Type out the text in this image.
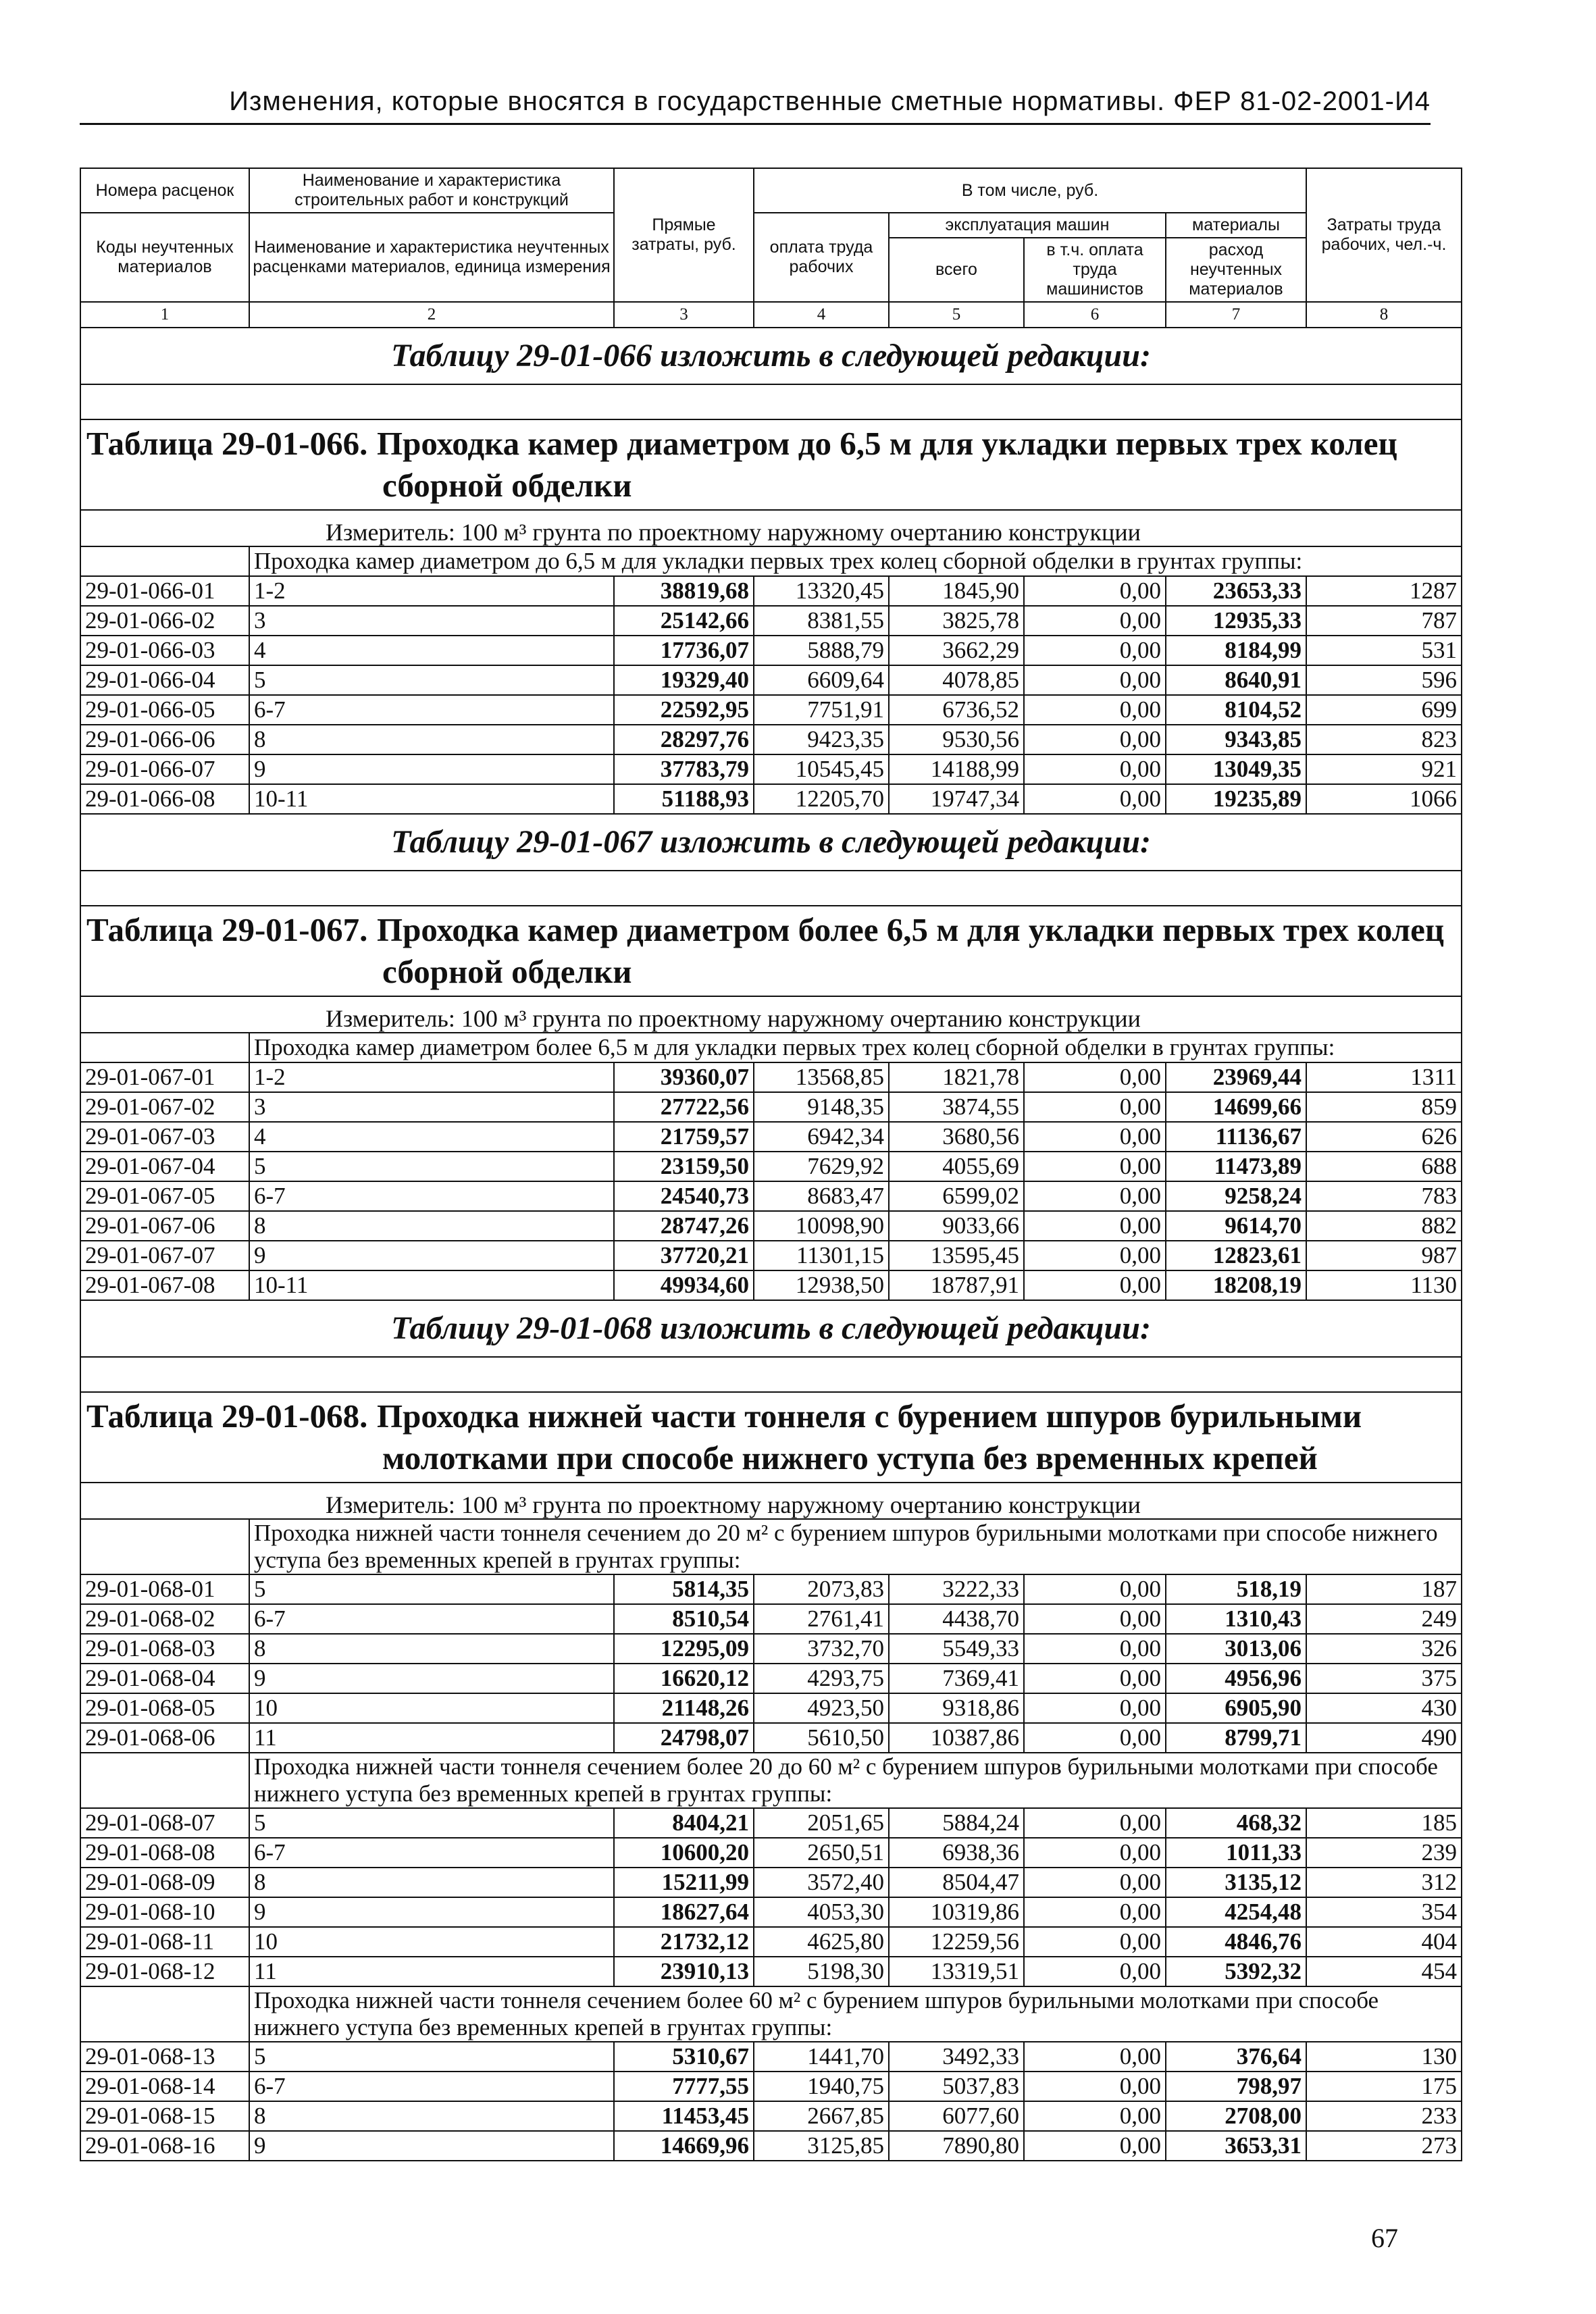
Изменения, которые вносятся в государственные сметные нормативы. ФЕР 81-02-2001-И4
Номера расценок	Наименование и характеристика строительных работ и конструкций	Прямые затраты, руб.	В том числе, руб.				Затраты труда рабочих, чел.-ч.
Коды неучтенных материалов	Наименование и характеристика неучтенных расценками материалов, единица измерения		оплата труда рабочих	эксплуатация машин		материалы	
				всего	в т.ч. оплата труда машинистов	расход неучтенных материалов	
1	2	3	4	5	6	7	8
Таблицу 29-01-066 изложить в следующей редакции:							

Таблица 29-01-066. Проходка камер диаметром до 6,5 м для укладки первых трех колец
сборной обделки							

Измеритель: 100 м³ грунта по проектному наружному очертанию конструкции							
	Проходка камер диаметром до 6,5 м для укладки первых трех колец сборной обделки в грунтах группы:						
29-01-066-01	1-2	38819,68	13320,45	1845,90	0,00	23653,33	1287
29-01-066-02	3	25142,66	8381,55	3825,78	0,00	12935,33	787
29-01-066-03	4	17736,07	5888,79	3662,29	0,00	8184,99	531
29-01-066-04	5	19329,40	6609,64	4078,85	0,00	8640,91	596
29-01-066-05	6-7	22592,95	7751,91	6736,52	0,00	8104,52	699
29-01-066-06	8	28297,76	9423,35	9530,56	0,00	9343,85	823
29-01-066-07	9	37783,79	10545,45	14188,99	0,00	13049,35	921
29-01-066-08	10-11	51188,93	12205,70	19747,34	0,00	19235,89	1066
Таблицу 29-01-067 изложить в следующей редакции:							

Таблица 29-01-067. Проходка камер диаметром более 6,5 м для укладки первых трех колец
сборной обделки							

Измеритель: 100 м³ грунта по проектному наружному очертанию конструкции							
	Проходка камер диаметром более 6,5 м для укладки первых трех колец сборной обделки в грунтах группы:						
29-01-067-01	1-2	39360,07	13568,85	1821,78	0,00	23969,44	1311
29-01-067-02	3	27722,56	9148,35	3874,55	0,00	14699,66	859
29-01-067-03	4	21759,57	6942,34	3680,56	0,00	11136,67	626
29-01-067-04	5	23159,50	7629,92	4055,69	0,00	11473,89	688
29-01-067-05	6-7	24540,73	8683,47	6599,02	0,00	9258,24	783
29-01-067-06	8	28747,26	10098,90	9033,66	0,00	9614,70	882
29-01-067-07	9	37720,21	11301,15	13595,45	0,00	12823,61	987
29-01-067-08	10-11	49934,60	12938,50	18787,91	0,00	18208,19	1130
Таблицу 29-01-068 изложить в следующей редакции:							

Таблица 29-01-068. Проходка нижней части тоннеля с бурением шпуров бурильными
молотками при способе нижнего уступа без временных крепей							

Измеритель: 100 м³ грунта по проектному наружному очертанию конструкции							
	Проходка нижней части тоннеля сечением до 20 м² с бурением шпуров бурильными молотками при способе нижнего уступа без временных крепей в грунтах группы:						
29-01-068-01	5	5814,35	2073,83	3222,33	0,00	518,19	187
29-01-068-02	6-7	8510,54	2761,41	4438,70	0,00	1310,43	249
29-01-068-03	8	12295,09	3732,70	5549,33	0,00	3013,06	326
29-01-068-04	9	16620,12	4293,75	7369,41	0,00	4956,96	375
29-01-068-05	10	21148,26	4923,50	9318,86	0,00	6905,90	430
29-01-068-06	11	24798,07	5610,50	10387,86	0,00	8799,71	490
	Проходка нижней части тоннеля сечением более 20 до 60 м² с бурением шпуров бурильными молотками при способе нижнего уступа без временных крепей в грунтах группы:						
29-01-068-07	5	8404,21	2051,65	5884,24	0,00	468,32	185
29-01-068-08	6-7	10600,20	2650,51	6938,36	0,00	1011,33	239
29-01-068-09	8	15211,99	3572,40	8504,47	0,00	3135,12	312
29-01-068-10	9	18627,64	4053,30	10319,86	0,00	4254,48	354
29-01-068-11	10	21732,12	4625,80	12259,56	0,00	4846,76	404
29-01-068-12	11	23910,13	5198,30	13319,51	0,00	5392,32	454
	Проходка нижней части тоннеля сечением более 60 м² с бурением шпуров бурильными молотками при способе нижнего уступа без временных крепей в грунтах группы:						
29-01-068-13	5	5310,67	1441,70	3492,33	0,00	376,64	130
29-01-068-14	6-7	7777,55	1940,75	5037,83	0,00	798,97	175
29-01-068-15	8	11453,45	2667,85	6077,60	0,00	2708,00	233
29-01-068-16	9	14669,96	3125,85	7890,80	0,00	3653,31	273
67
